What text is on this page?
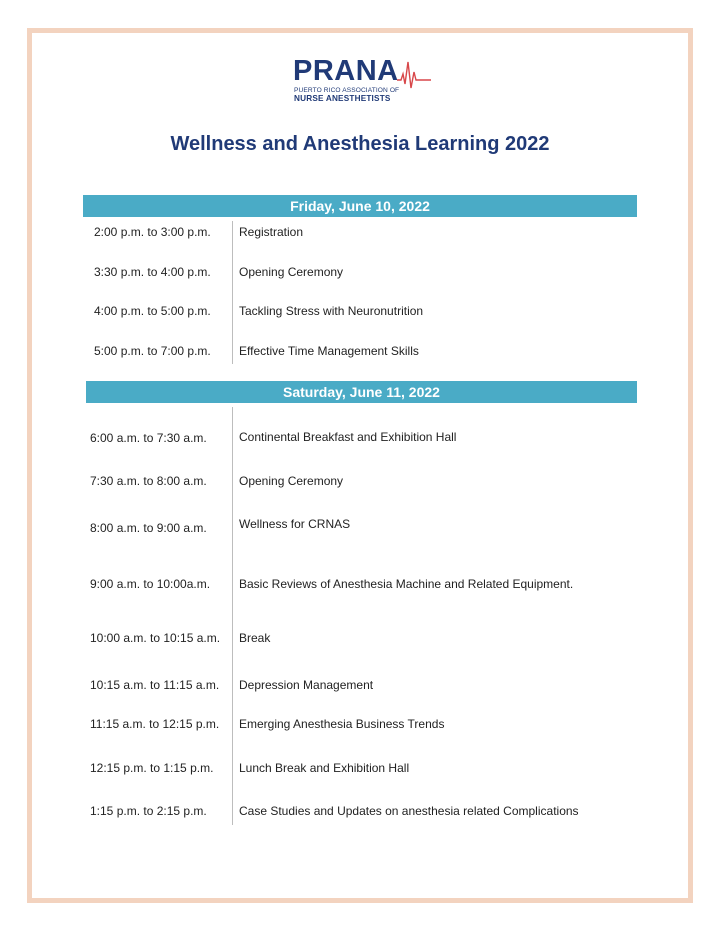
PRANA
PUERTO RICO ASSOCIATION OF
NURSE ANESTHETISTS
Wellness and Anesthesia Learning 2022
Friday, June 10, 2022
2:00 p.m. to 3:00 p.m. Registration
3:30 p.m. to 4:00 p.m. Opening Ceremony
4:00 p.m. to 5:00 p.m. Tackling Stress with Neuronutrition
5:00 p.m. to 7:00 p.m. Effective Time Management Skills
Saturday, June 11, 2022
6:00 a.m. to 7:30 a.m.	Continental Breakfast and Exhibition Hall
7:30 a.m. to 8:00 a.m.	Opening Ceremony
8:00 a.m. to 9:00 a.m.	Wellness for CRNAS
9:00 a.m. to 10:00a.m. Basic Reviews of Anesthesia Machine and Related Equipment.
10:00 a.m. to 10:15 a.m. Break
10:15 a.m. to 11:15 a.m. Depression Management
11:15 a.m. to 12:15 p.m. Emerging Anesthesia Business Trends
12:15 p.m. to 1:15 p.m. Lunch Break and Exhibition Hall
1:15 p.m. to 2:15 p.m.	Case Studies and Updates on anesthesia related Complications
